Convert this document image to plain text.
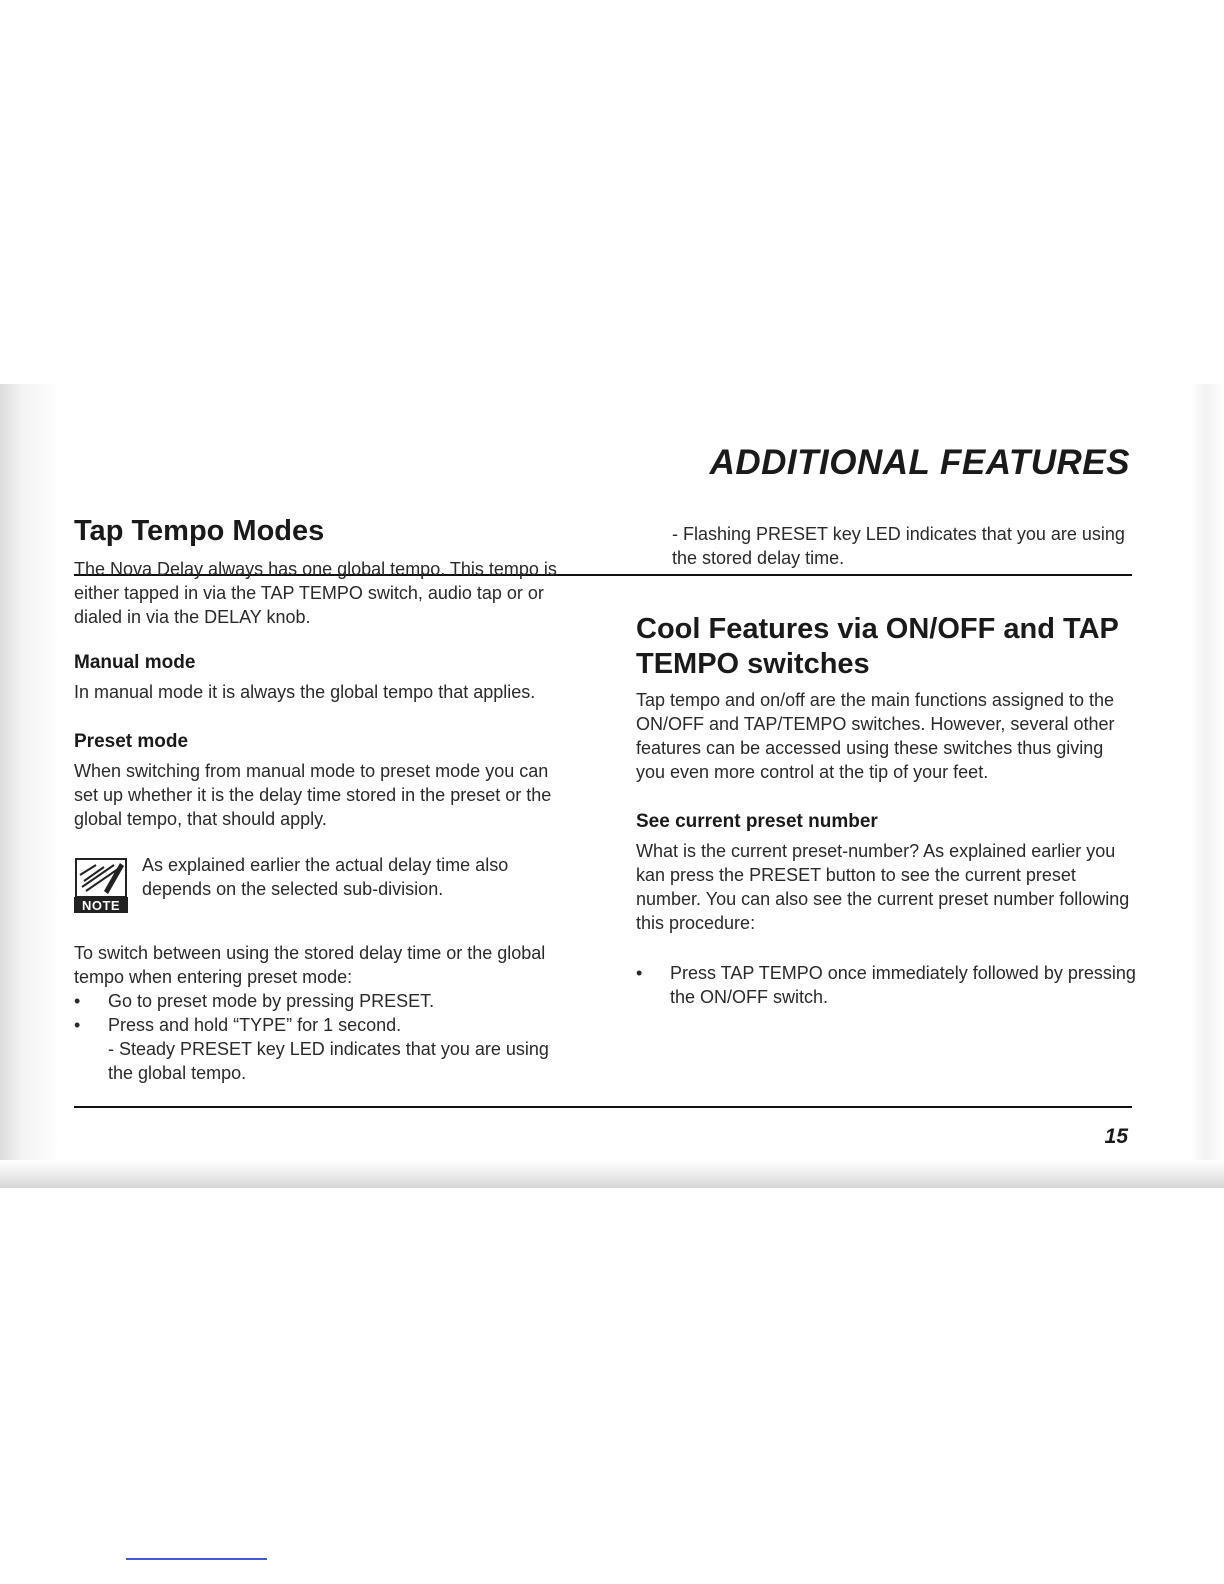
ADDITIONAL FEATURES
Tap Tempo Modes

The Nova Delay always has one global tempo. This tempo is either tapped in via the TAP TEMPO switch, audio tap or or dialed in via the DELAY knob.

Manual mode

In manual mode it is always the global tempo that applies.

Preset mode

When switching from manual mode to preset mode you can set up whether it is the delay time stored in the preset or the global tempo, that should apply.

NOTE

As explained earlier the actual delay time also depends on the selected sub-division.

To switch between using the stored delay time or the global tempo when entering preset mode:

• Go to preset mode by pressing PRESET.
• Press and hold “TYPE” for 1 second.

- Steady PRESET key LED indicates that you are using the global tempo.

- Flashing PRESET key LED indicates that you are using the stored delay time.

Cool Features via ON/OFF and TAP TEMPO switches

Tap tempo and on/off are the main functions assigned to the ON/OFF and TAP/TEMPO switches. However, several other features can be accessed using these switches thus giving you even more control at the tip of your feet.

See current preset number

What is the current preset-number? As explained earlier you kan press the PRESET button to see the current preset number. You can also see the current preset number following this procedure:

• Press TAP TEMPO once immediately followed by pressing the ON/OFF switch.
15
